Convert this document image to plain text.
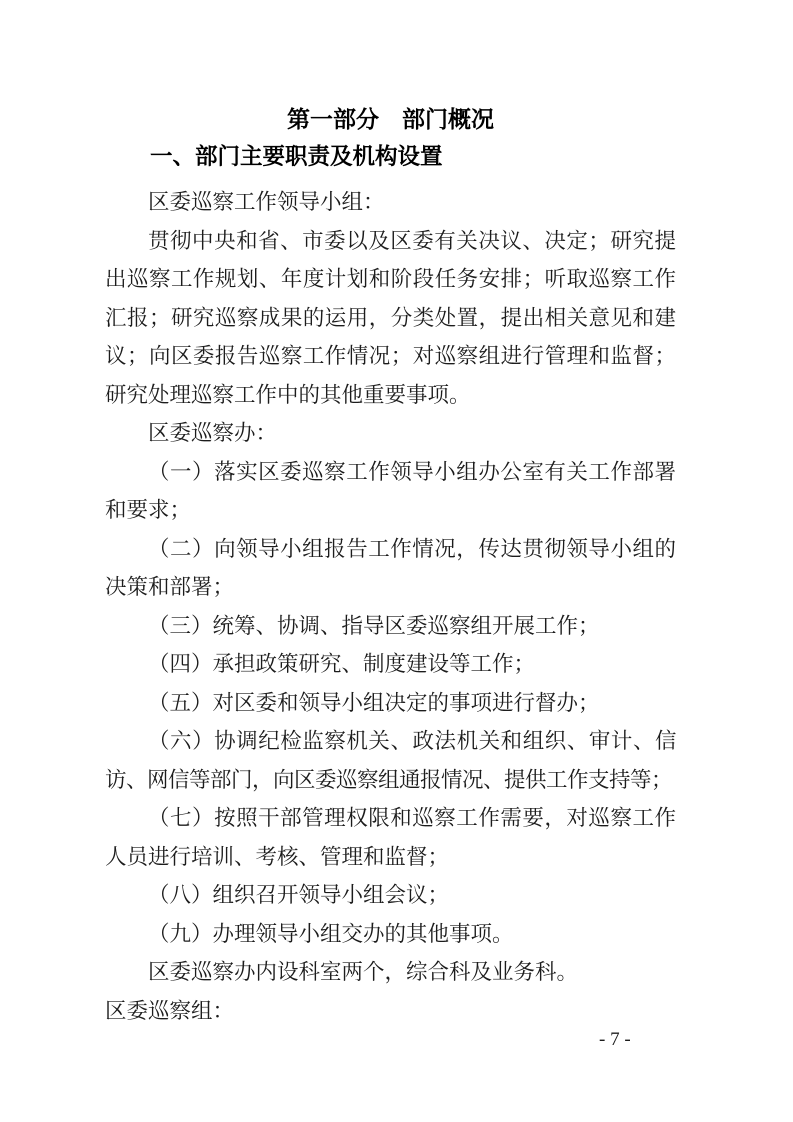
第一部分　部门概况
一、部门主要职责及机构设置

区委巡察工作领导小组：

贯彻中央和省、市委以及区委有关决议、决定；研究提出巡察工作规划、年度计划和阶段任务安排；听取巡察工作汇报；研究巡察成果的运用，分类处置，提出相关意见和建议；向区委报告巡察工作情况；对巡察组进行管理和监督；研究处理巡察工作中的其他重要事项。

区委巡察办：

（一）落实区委巡察工作领导小组办公室有关工作部署和要求；

（二）向领导小组报告工作情况，传达贯彻领导小组的决策和部署；

（三）统筹、协调、指导区委巡察组开展工作；

（四）承担政策研究、制度建设等工作；

（五）对区委和领导小组决定的事项进行督办；

（六）协调纪检监察机关、政法机关和组织、审计、信访、网信等部门，向区委巡察组通报情况、提供工作支持等；

（七）按照干部管理权限和巡察工作需要，对巡察工作人员进行培训、考核、管理和监督；

（八）组织召开领导小组会议；

（九）办理领导小组交办的其他事项。

区委巡察办内设科室两个，综合科及业务科。

区委巡察组：

- 7 -
